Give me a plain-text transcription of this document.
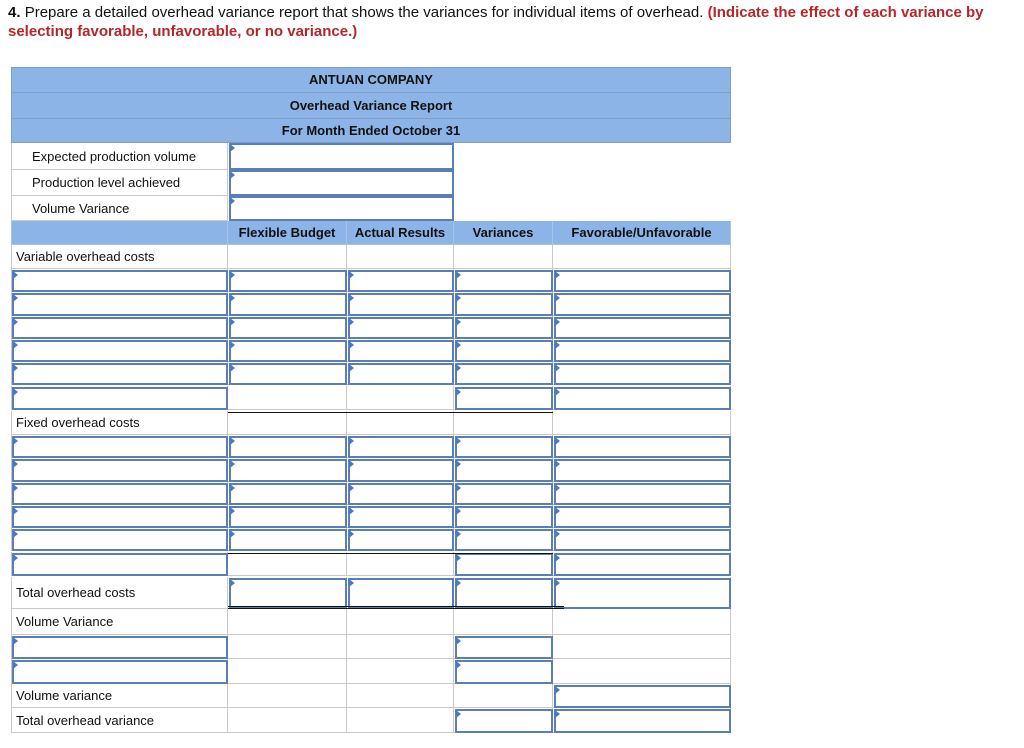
4. Prepare a detailed overhead variance report that shows the variances for individual items of overhead. (Indicate the effect of each variance by selecting favorable, unfavorable, or no variance.)
ANTUAN COMPANY
Overhead Variance Report
For Month Ended October 31
Expected production volume
Production level achieved
Volume Variance
Flexible Budget	Actual Results	Variances	Favorable/Unfavorable
Variable overhead costs
Fixed overhead costs
Total overhead costs
Volume Variance
Volume variance
Total overhead variance
